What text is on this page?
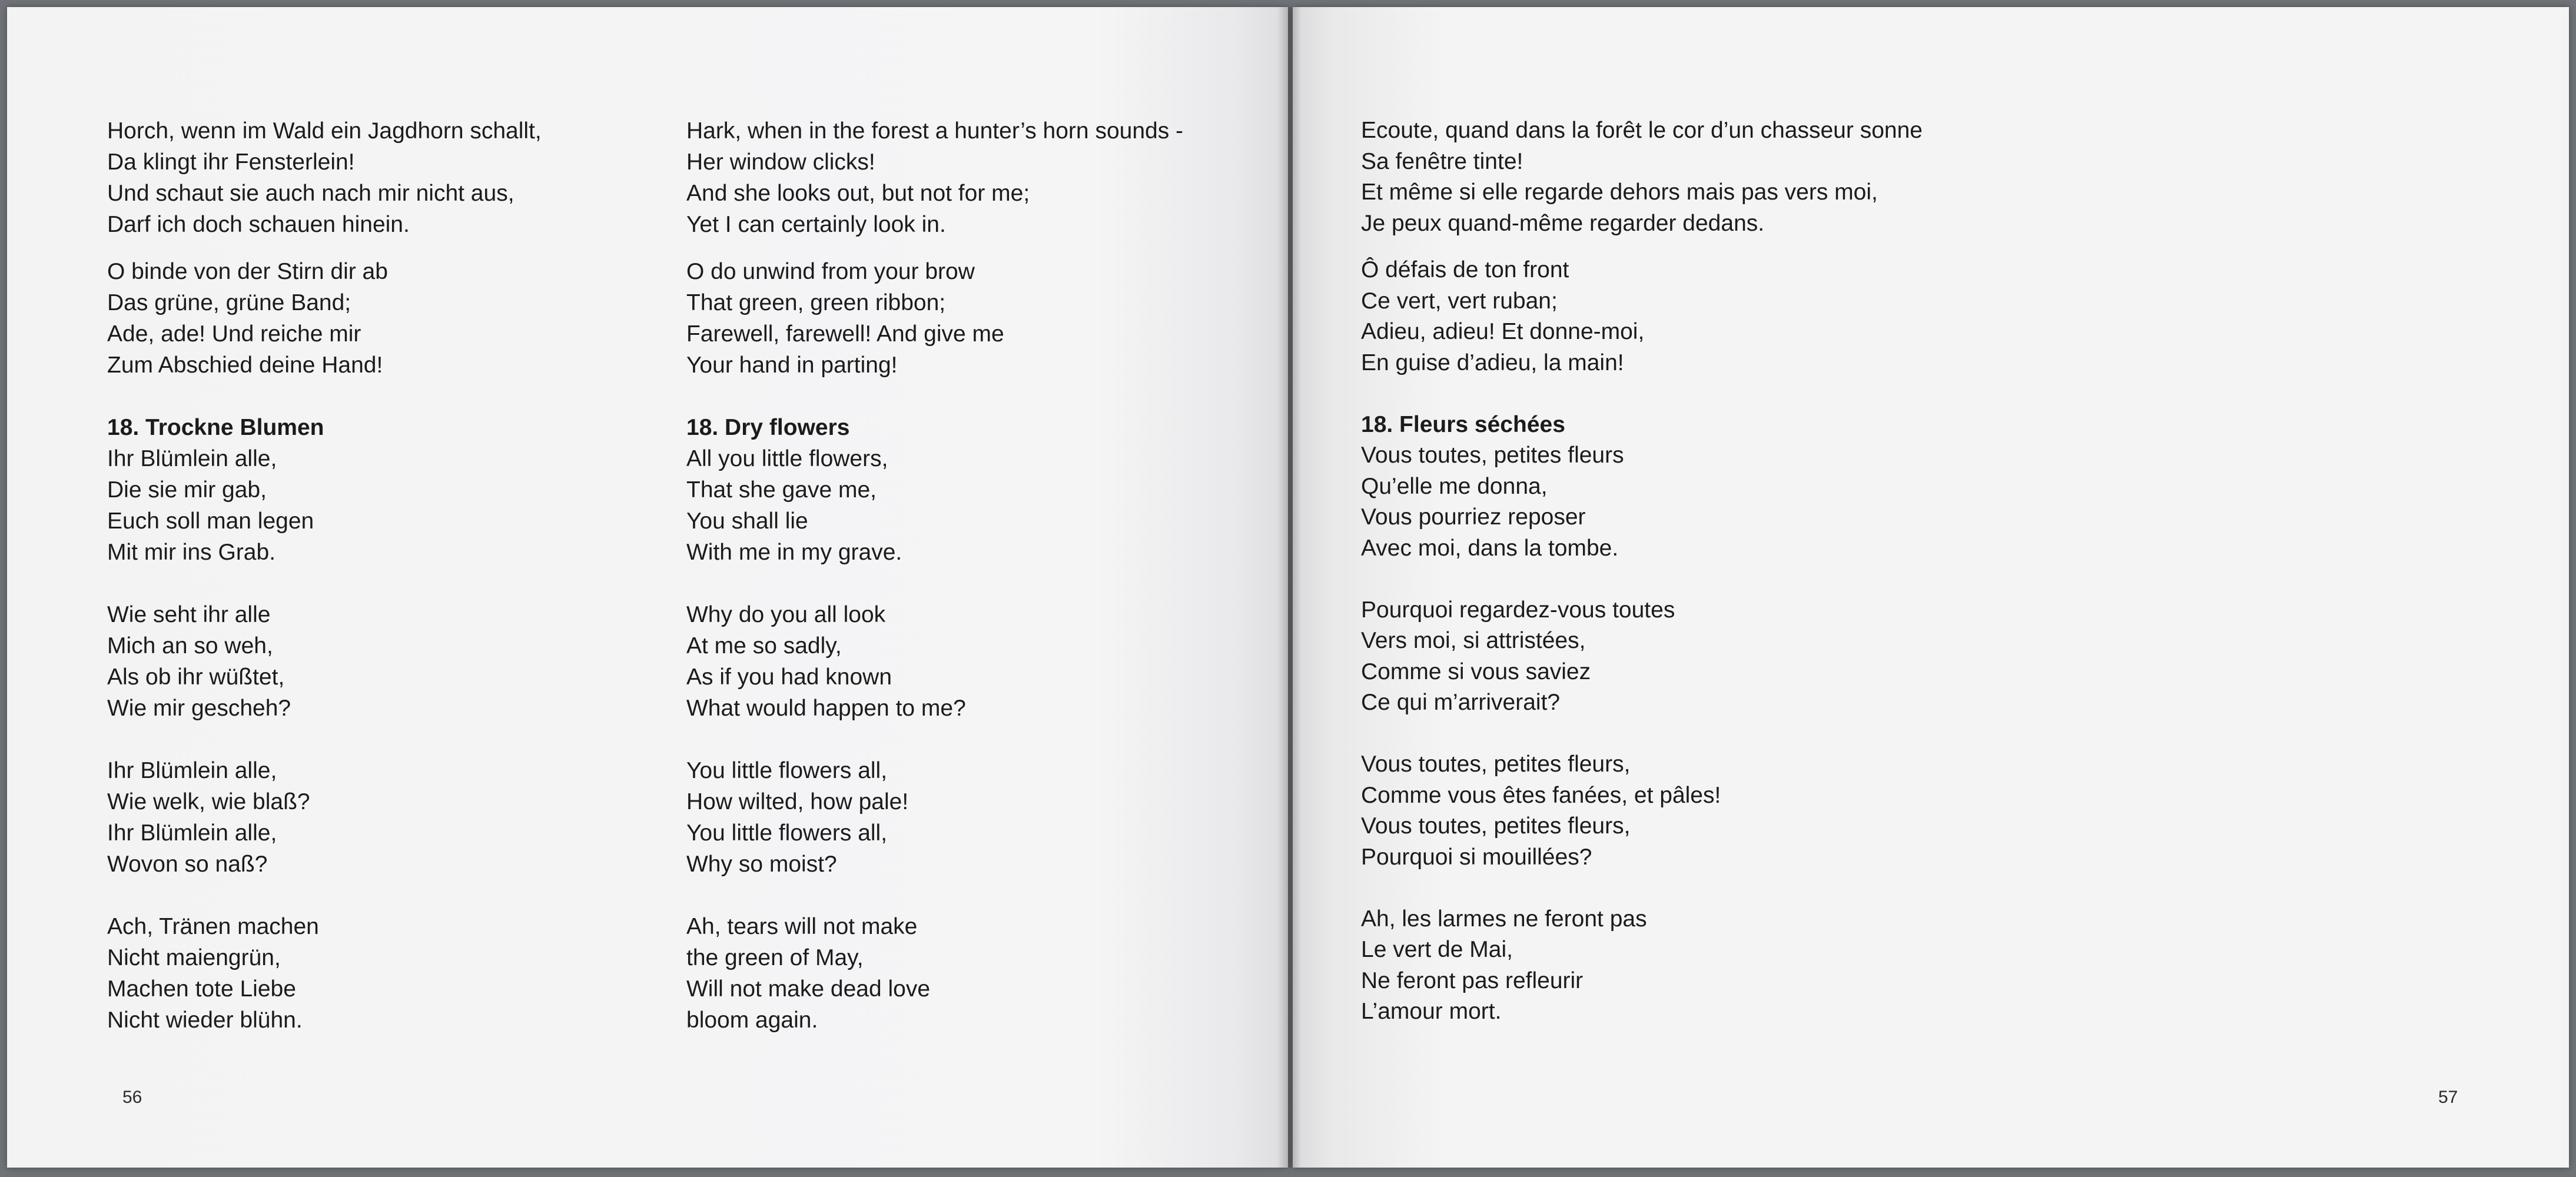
Horch, wenn im Wald ein Jagdhorn schallt,
Da klingt ihr Fensterlein!
Und schaut sie auch nach mir nicht aus,
Darf ich doch schauen hinein.
O binde von der Stirn dir ab
Das grüne, grüne Band;
Ade, ade! Und reiche mir
Zum Abschied deine Hand!
18. Trockne Blumen
Ihr Blümlein alle,
Die sie mir gab,
Euch soll man legen
Mit mir ins Grab.
Wie seht ihr alle
Mich an so weh,
Als ob ihr wüßtet,
Wie mir gescheh?
Ihr Blümlein alle,
Wie welk, wie blaß?
Ihr Blümlein alle,
Wovon so naß?
Ach, Tränen machen
Nicht maiengrün,
Machen tote Liebe
Nicht wieder blühn.
Hark, when in the forest a hunter’s horn sounds -
Her window clicks!
And she looks out, but not for me;
Yet I can certainly look in.
O do unwind from your brow
That green, green ribbon;
Farewell, farewell! And give me
Your hand in parting!
18. Dry flowers
All you little flowers,
That she gave me,
You shall lie
With me in my grave.
Why do you all look
At me so sadly,
As if you had known
What would happen to me?
You little flowers all,
How wilted, how pale!
You little flowers all,
Why so moist?
Ah, tears will not make
the green of May,
Will not make dead love
bloom again.
Ecoute, quand dans la forêt le cor d’un chasseur sonne
Sa fenêtre tinte!
Et même si elle regarde dehors mais pas vers moi,
Je peux quand-même regarder dedans.
Ô défais de ton front
Ce vert, vert ruban;
Adieu, adieu! Et donne-moi,
En guise d’adieu, la main!
18. Fleurs séchées
Vous toutes, petites fleurs
Qu’elle me donna,
Vous pourriez reposer
Avec moi, dans la tombe.
Pourquoi regardez-vous toutes
Vers moi, si attristées,
Comme si vous saviez
Ce qui m’arriverait?
Vous toutes, petites fleurs,
Comme vous êtes fanées, et pâles!
Vous toutes, petites fleurs,
Pourquoi si mouillées?
Ah, les larmes ne feront pas
Le vert de Mai,
Ne feront pas refleurir
L’amour mort.
56	57
